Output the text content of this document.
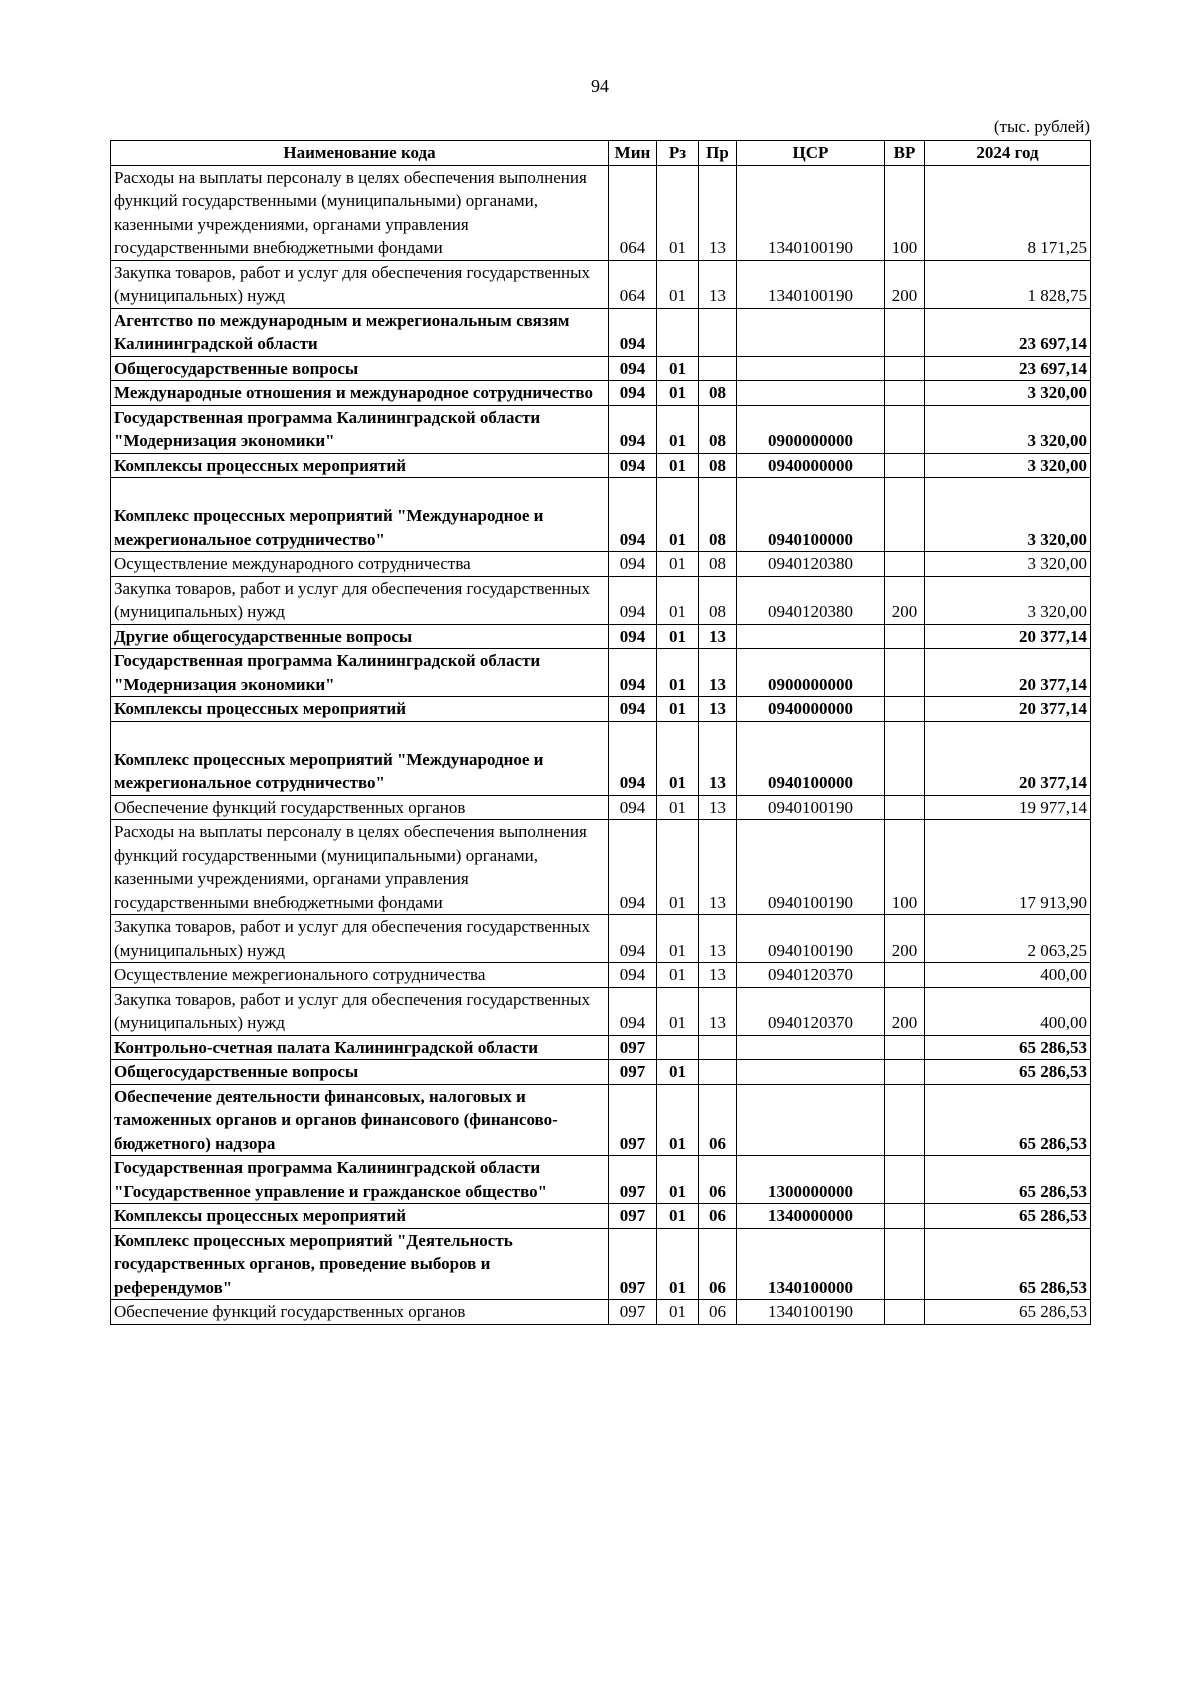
94
(тыс. рублей)
Наименование кода	Мин	Рз	Пр	ЦСР	ВР	2024 год
Расходы на выплаты персоналу в целях обеспечения выполнения функций государственными (муниципальными) органами, казенными учреждениями, органами управления государственными внебюджетными фондами	064	01	13	1340100190	100	8 171,25
Закупка товаров, работ и услуг для обеспечения государственных (муниципальных) нужд	064	01	13	1340100190	200	1 828,75
Агентство по международным и межрегиональным связям Калининградской области	094					23 697,14
Общегосударственные вопросы	094	01				23 697,14
Международные отношения и международное сотрудничество	094	01	08			3 320,00
Государственная программа Калининградской области "Модернизация экономики"	094	01	08	0900000000		3 320,00
Комплексы процессных мероприятий	094	01	08	0940000000		3 320,00
Комплекс процессных мероприятий "Международное и межрегиональное сотрудничество"	094	01	08	0940100000		3 320,00
Осуществление международного сотрудничества	094	01	08	0940120380		3 320,00
Закупка товаров, работ и услуг для обеспечения государственных (муниципальных) нужд	094	01	08	0940120380	200	3 320,00
Другие общегосударственные вопросы	094	01	13			20 377,14
Государственная программа Калининградской области "Модернизация экономики"	094	01	13	0900000000		20 377,14
Комплексы процессных мероприятий	094	01	13	0940000000		20 377,14
Комплекс процессных мероприятий "Международное и межрегиональное сотрудничество"	094	01	13	0940100000		20 377,14
Обеспечение функций государственных органов	094	01	13	0940100190		19 977,14
Расходы на выплаты персоналу в целях обеспечения выполнения функций государственными (муниципальными) органами, казенными учреждениями, органами управления государственными внебюджетными фондами	094	01	13	0940100190	100	17 913,90
Закупка товаров, работ и услуг для обеспечения государственных (муниципальных) нужд	094	01	13	0940100190	200	2 063,25
Осуществление межрегионального сотрудничества	094	01	13	0940120370		400,00
Закупка товаров, работ и услуг для обеспечения государственных (муниципальных) нужд	094	01	13	0940120370	200	400,00
Контрольно-счетная палата Калининградской области	097					65 286,53
Общегосударственные вопросы	097	01				65 286,53
Обеспечение деятельности финансовых, налоговых и таможенных органов и органов финансового (финансово-бюджетного) надзора	097	01	06			65 286,53
Государственная программа Калининградской области "Государственное управление и гражданское общество"	097	01	06	1300000000		65 286,53
Комплексы процессных мероприятий	097	01	06	1340000000		65 286,53
Комплекс процессных мероприятий "Деятельность государственных органов, проведение выборов и референдумов"	097	01	06	1340100000		65 286,53
Обеспечение функций государственных органов	097	01	06	1340100190		65 286,53
